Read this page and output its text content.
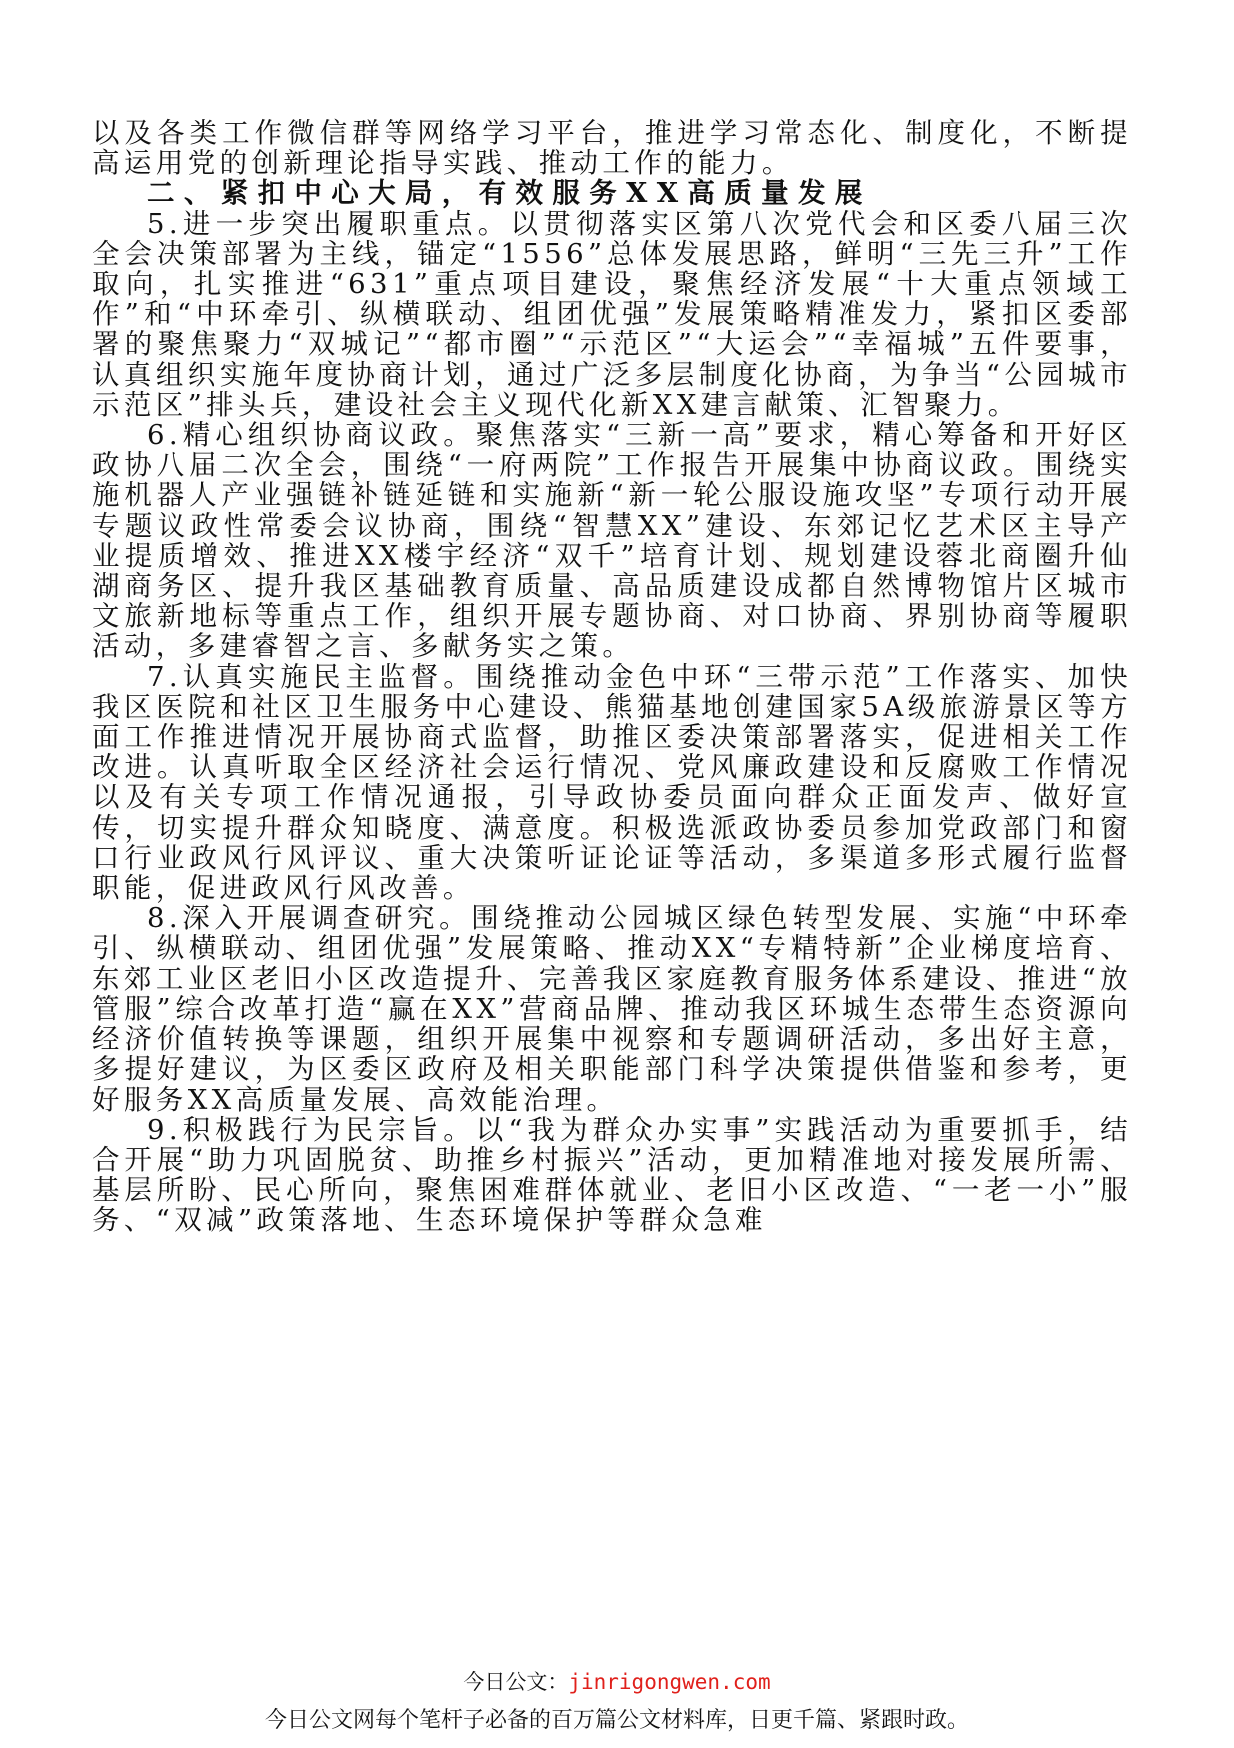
以及各类工作微信群等网络学习平台，推进学习常态化、制度化，不断提高运用党的创新理论指导实践、推动工作的能力。

二、紧扣中心大局，有效服务XX高质量发展

5.进一步突出履职重点。以贯彻落实区第八次党代会和区委八届三次全会决策部署为主线，锚定“1556”总体发展思路，鲜明“三先三升”工作取向，扎实推进“631”重点项目建设，聚焦经济发展“十大重点领域工作”和“中环牵引、纵横联动、组团优强”发展策略精准发力，紧扣区委部署的聚焦聚力“双城记”“都市圈”“示范区”“大运会”“幸福城”五件要事，认真组织实施年度协商计划，通过广泛多层制度化协商，为争当“公园城市示范区”排头兵，建设社会主义现代化新XX建言献策、汇智聚力。

6.精心组织协商议政。聚焦落实“三新一高”要求，精心筹备和开好区政协八届二次全会，围绕“一府两院”工作报告开展集中协商议政。围绕实施机器人产业强链补链延链和实施新“新一轮公服设施攻坚”专项行动开展专题议政性常委会议协商，围绕“智慧XX”建设、东郊记忆艺术区主导产业提质增效、推进XX楼宇经济“双千”培育计划、规划建设蓉北商圈升仙湖商务区、提升我区基础教育质量、高品质建设成都自然博物馆片区城市文旅新地标等重点工作，组织开展专题协商、对口协商、界别协商等履职活动，多建睿智之言、多献务实之策。

7.认真实施民主监督。围绕推动金色中环“三带示范”工作落实、加快我区医院和社区卫生服务中心建设、熊猫基地创建国家5A级旅游景区等方面工作推进情况开展协商式监督，助推区委决策部署落实，促进相关工作改进。认真听取全区经济社会运行情况、党风廉政建设和反腐败工作情况以及有关专项工作情况通报，引导政协委员面向群众正面发声、做好宣传，切实提升群众知晓度、满意度。积极选派政协委员参加党政部门和窗口行业政风行风评议、重大决策听证论证等活动，多渠道多形式履行监督职能，促进政风行风改善。

8.深入开展调查研究。围绕推动公园城区绿色转型发展、实施“中环牵引、纵横联动、组团优强”发展策略、推动XX“专精特新”企业梯度培育、东郊工业区老旧小区改造提升、完善我区家庭教育服务体系建设、推进“放管服”综合改革打造“赢在XX”营商品牌、推动我区环城生态带生态资源向经济价值转换等课题，组织开展集中视察和专题调研活动，多出好主意，多提好建议，为区委区政府及相关职能部门科学决策提供借鉴和参考，更好服务XX高质量发展、高效能治理。

9.积极践行为民宗旨。以“我为群众办实事”实践活动为重要抓手，结合开展“助力巩固脱贫、助推乡村振兴”活动，更加精准地对接发展所需、基层所盼、民心所向，聚焦困难群体就业、老旧小区改造、“一老一小”服务、“双减”政策落地、生态环境保护等群众急难

今日公文：jinrigongwen.com
今日公文网每个笔杆子必备的百万篇公文材料库，日更千篇、紧跟时政。
